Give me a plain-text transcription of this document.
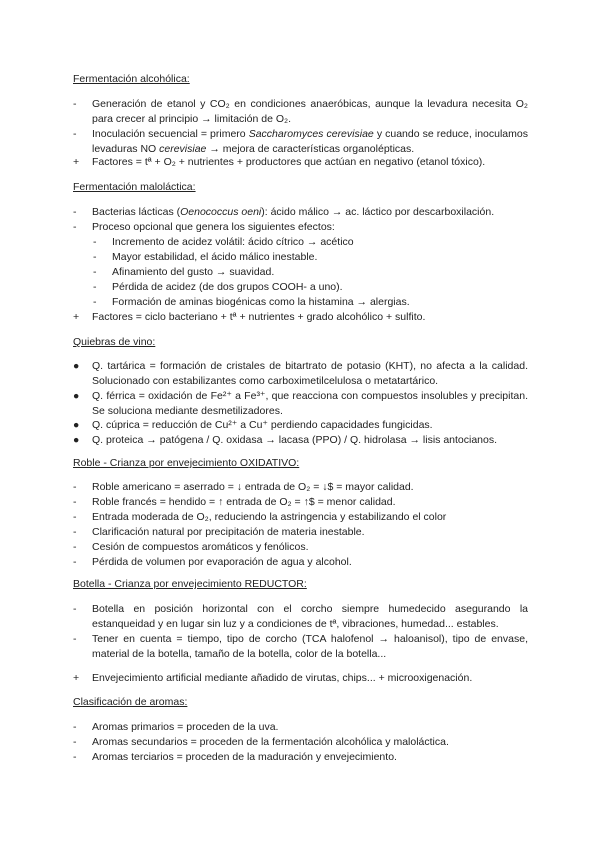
Fermentación alcohólica:
-	Generación de etanol y CO₂ en condiciones anaeróbicas, aunque la levadura necesita O₂ para crecer al principio → limitación de O₂.
-	Inoculación secuencial = primero Saccharomyces cerevisiae y cuando se reduce, inoculamos levaduras NO cerevisiae → mejora de características organolépticas.
+	Factores = tª + O₂ + nutrientes + productores que actúan en negativo (etanol tóxico).
Fermentación maloláctica:
-	Bacterias lácticas (Oenococcus oeni): ácido málico → ac. láctico por descarboxilación.
-	Proceso opcional que genera los siguientes efectos:
-	Incremento de acidez volátil: ácido cítrico → acético
-	Mayor estabilidad, el ácido málico inestable.
-	Afinamiento del gusto → suavidad.
-	Pérdida de acidez (de dos grupos COOH- a uno).
-	Formación de aminas biogénicas como la histamina → alergias.
+	Factores = ciclo bacteriano + tª + nutrientes + grado alcohólico + sulfito.
Quiebras de vino:
●	Q. tartárica = formación de cristales de bitartrato de potasio (KHT), no afecta a la calidad. Solucionado con estabilizantes como carboximetilcelulosa o metatartárico.
●	Q. férrica = oxidación de Fe²⁺ a Fe³⁺, que reacciona con compuestos insolubles y precipitan. Se soluciona mediante desmetilizadores.
●	Q. cúprica = reducción de Cu²⁺ a Cu⁺ perdiendo capacidades fungicidas.
●	Q. proteica → patógena / Q. oxidasa → lacasa (PPO) / Q. hidrolasa → lisis antocianos.
Roble - Crianza por envejecimiento OXIDATIVO:
-	Roble americano = aserrado = ↓ entrada de O₂ = ↓$ = mayor calidad.
-	Roble francés = hendido = ↑ entrada de O₂ = ↑$ = menor calidad.
-	Entrada moderada de O₂, reduciendo la astringencia y estabilizando el color
-	Clarificación natural por precipitación de materia inestable.
-	Cesión de compuestos aromáticos y fenólicos.
-	Pérdida de volumen por evaporación de agua y alcohol.
Botella - Crianza por envejecimiento REDUCTOR:
-	Botella en posición horizontal con el corcho siempre humedecido asegurando la estanqueidad y en lugar sin luz y a condiciones de tª, vibraciones, humedad... estables.
-	Tener en cuenta = tiempo, tipo de corcho (TCA halofenol → haloanisol), tipo de envase, material de la botella, tamaño de la botella, color de la botella...
+	Envejecimiento artificial mediante añadido de virutas, chips... + microoxigenación.
Clasificación de aromas:
-	Aromas primarios = proceden de la uva.
-	Aromas secundarios = proceden de la fermentación alcohólica y maloláctica.
-	Aromas terciarios = proceden de la maduración y envejecimiento.
